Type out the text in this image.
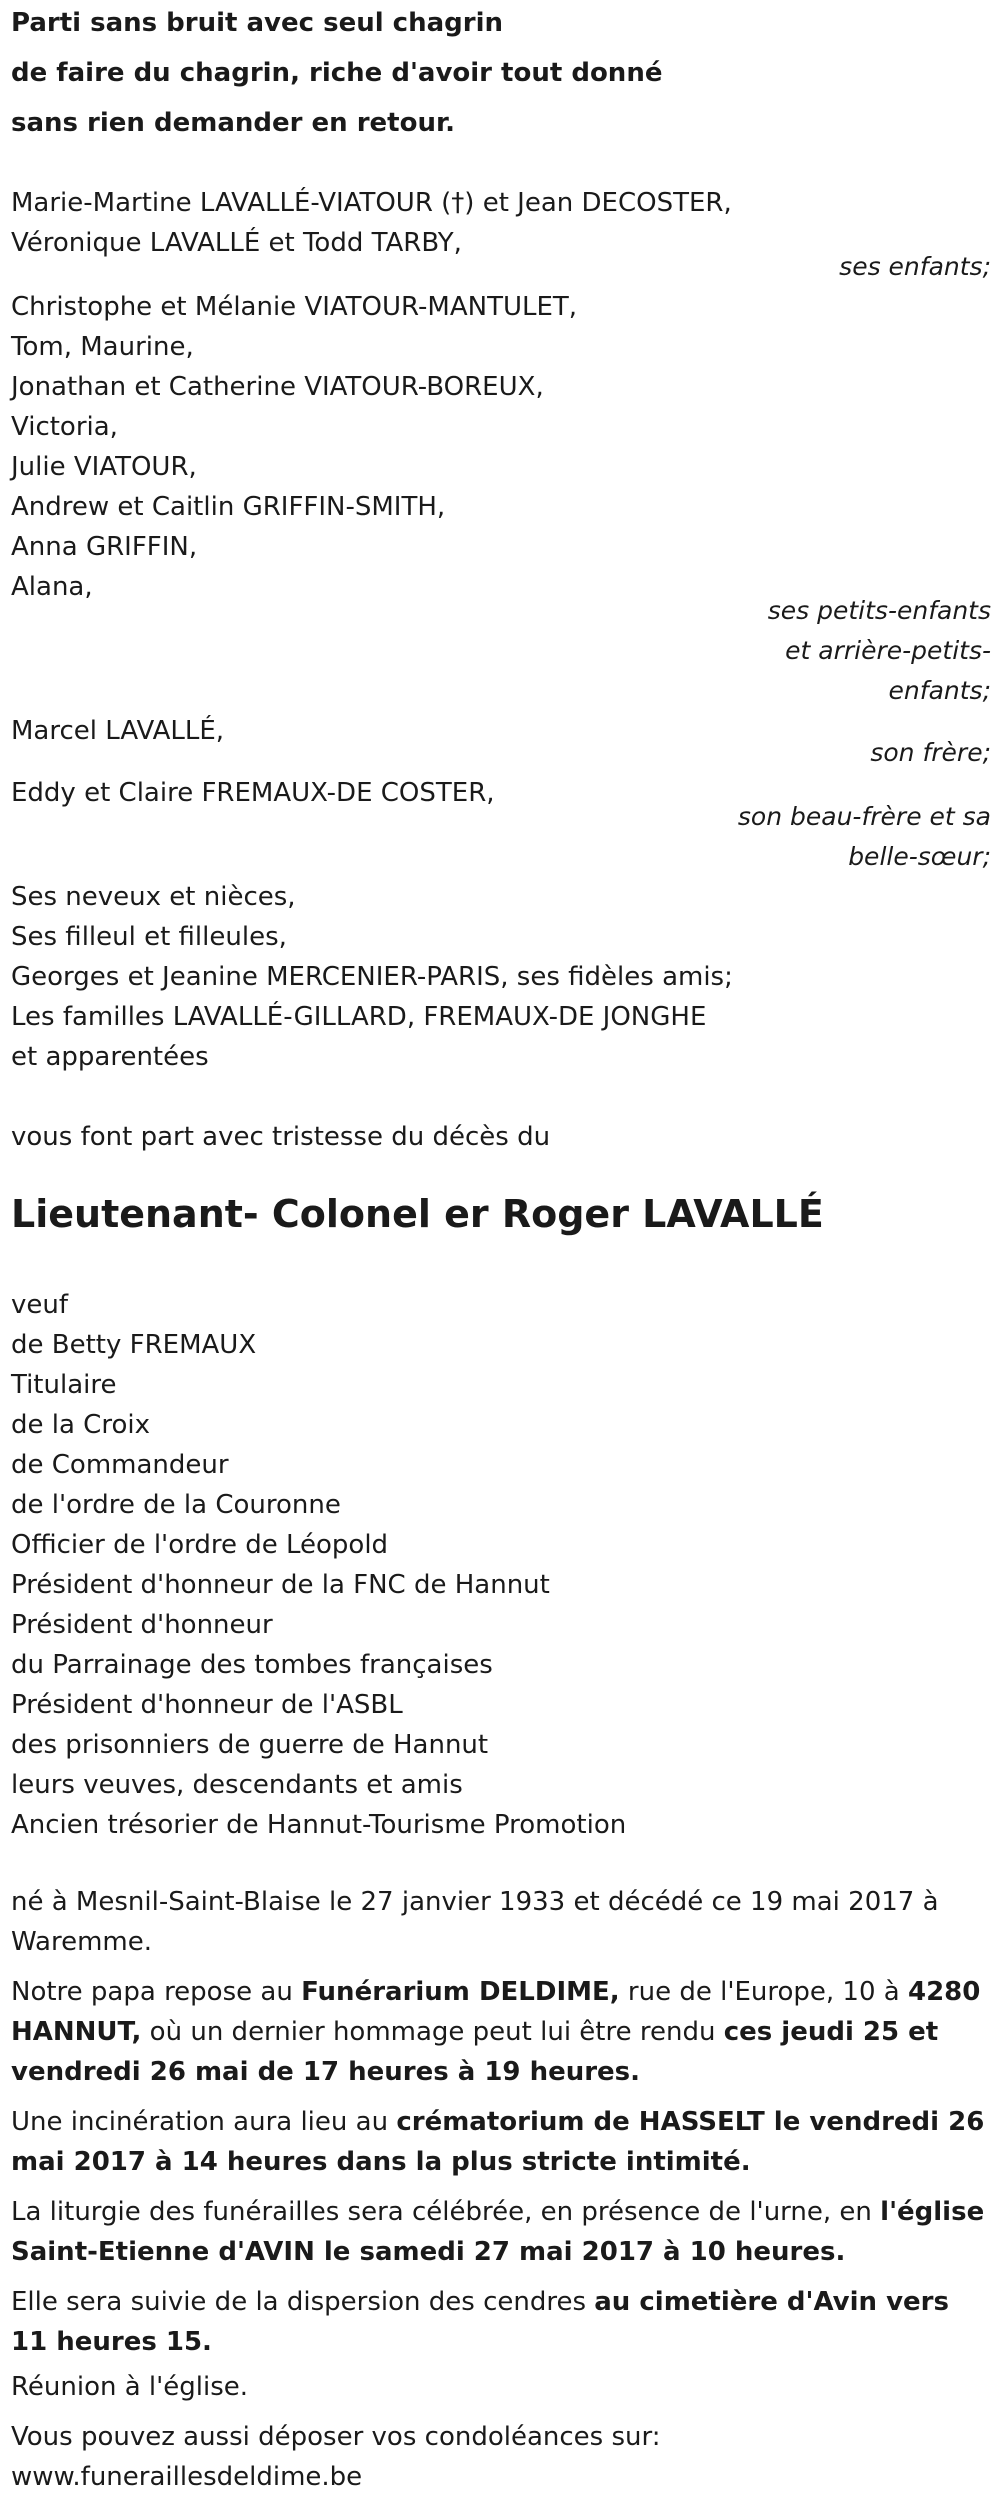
Parti sans bruit avec seul chagrin
de faire du chagrin, riche d'avoir tout donné
sans rien demander en retour.
Marie-Martine LAVALLÉ-VIATOUR (†) et Jean DECOSTER,
Véronique LAVALLÉ et Todd TARBY,
ses enfants;
Christophe et Mélanie VIATOUR-MANTULET,
Tom, Maurine,
Jonathan et Catherine VIATOUR-BOREUX,
Victoria,
Julie VIATOUR,
Andrew et Caitlin GRIFFIN-SMITH,
Anna GRIFFIN,
Alana,
ses petits-enfants
et arrière-petits-
enfants;
Marcel LAVALLÉ,
son frère;
Eddy et Claire FREMAUX-DE COSTER,
son beau-frère et sa
belle-sœur;
Ses neveux et nièces,
Ses filleul et filleules,
Georges et Jeanine MERCENIER-PARIS, ses fidèles amis;
Les familles LAVALLÉ-GILLARD, FREMAUX-DE JONGHE
et apparentées
vous font part avec tristesse du décès du
Lieutenant- Colonel er Roger LAVALLÉ
veuf
de Betty FREMAUX
Titulaire
de la Croix
de Commandeur
de l'ordre de la Couronne
Officier de l'ordre de Léopold
Président d'honneur de la FNC de Hannut
Président d'honneur
du Parrainage des tombes françaises
Président d'honneur de l'ASBL
des prisonniers de guerre de Hannut
leurs veuves, descendants et amis
Ancien trésorier de Hannut-Tourisme Promotion
né à Mesnil-Saint-Blaise le 27 janvier 1933 et décédé ce 19 mai 2017 à Waremme.
Notre papa repose au Funérarium DELDIME, rue de l'Europe, 10 à 4280 HANNUT, où un dernier hommage peut lui être rendu ces jeudi 25 et vendredi 26 mai de 17 heures à 19 heures.
Une incinération aura lieu au crématorium de HASSELT le vendredi 26 mai 2017 à 14 heures dans la plus stricte intimité.
La liturgie des funérailles sera célébrée, en présence de l'urne, en l'église Saint-Etienne d'AVIN le samedi 27 mai 2017 à 10 heures.
Elle sera suivie de la dispersion des cendres au cimetière d'Avin vers 11 heures 15.
Réunion à l'église.
Vous pouvez aussi déposer vos condoléances sur:
www.funeraillesdeldime.be
